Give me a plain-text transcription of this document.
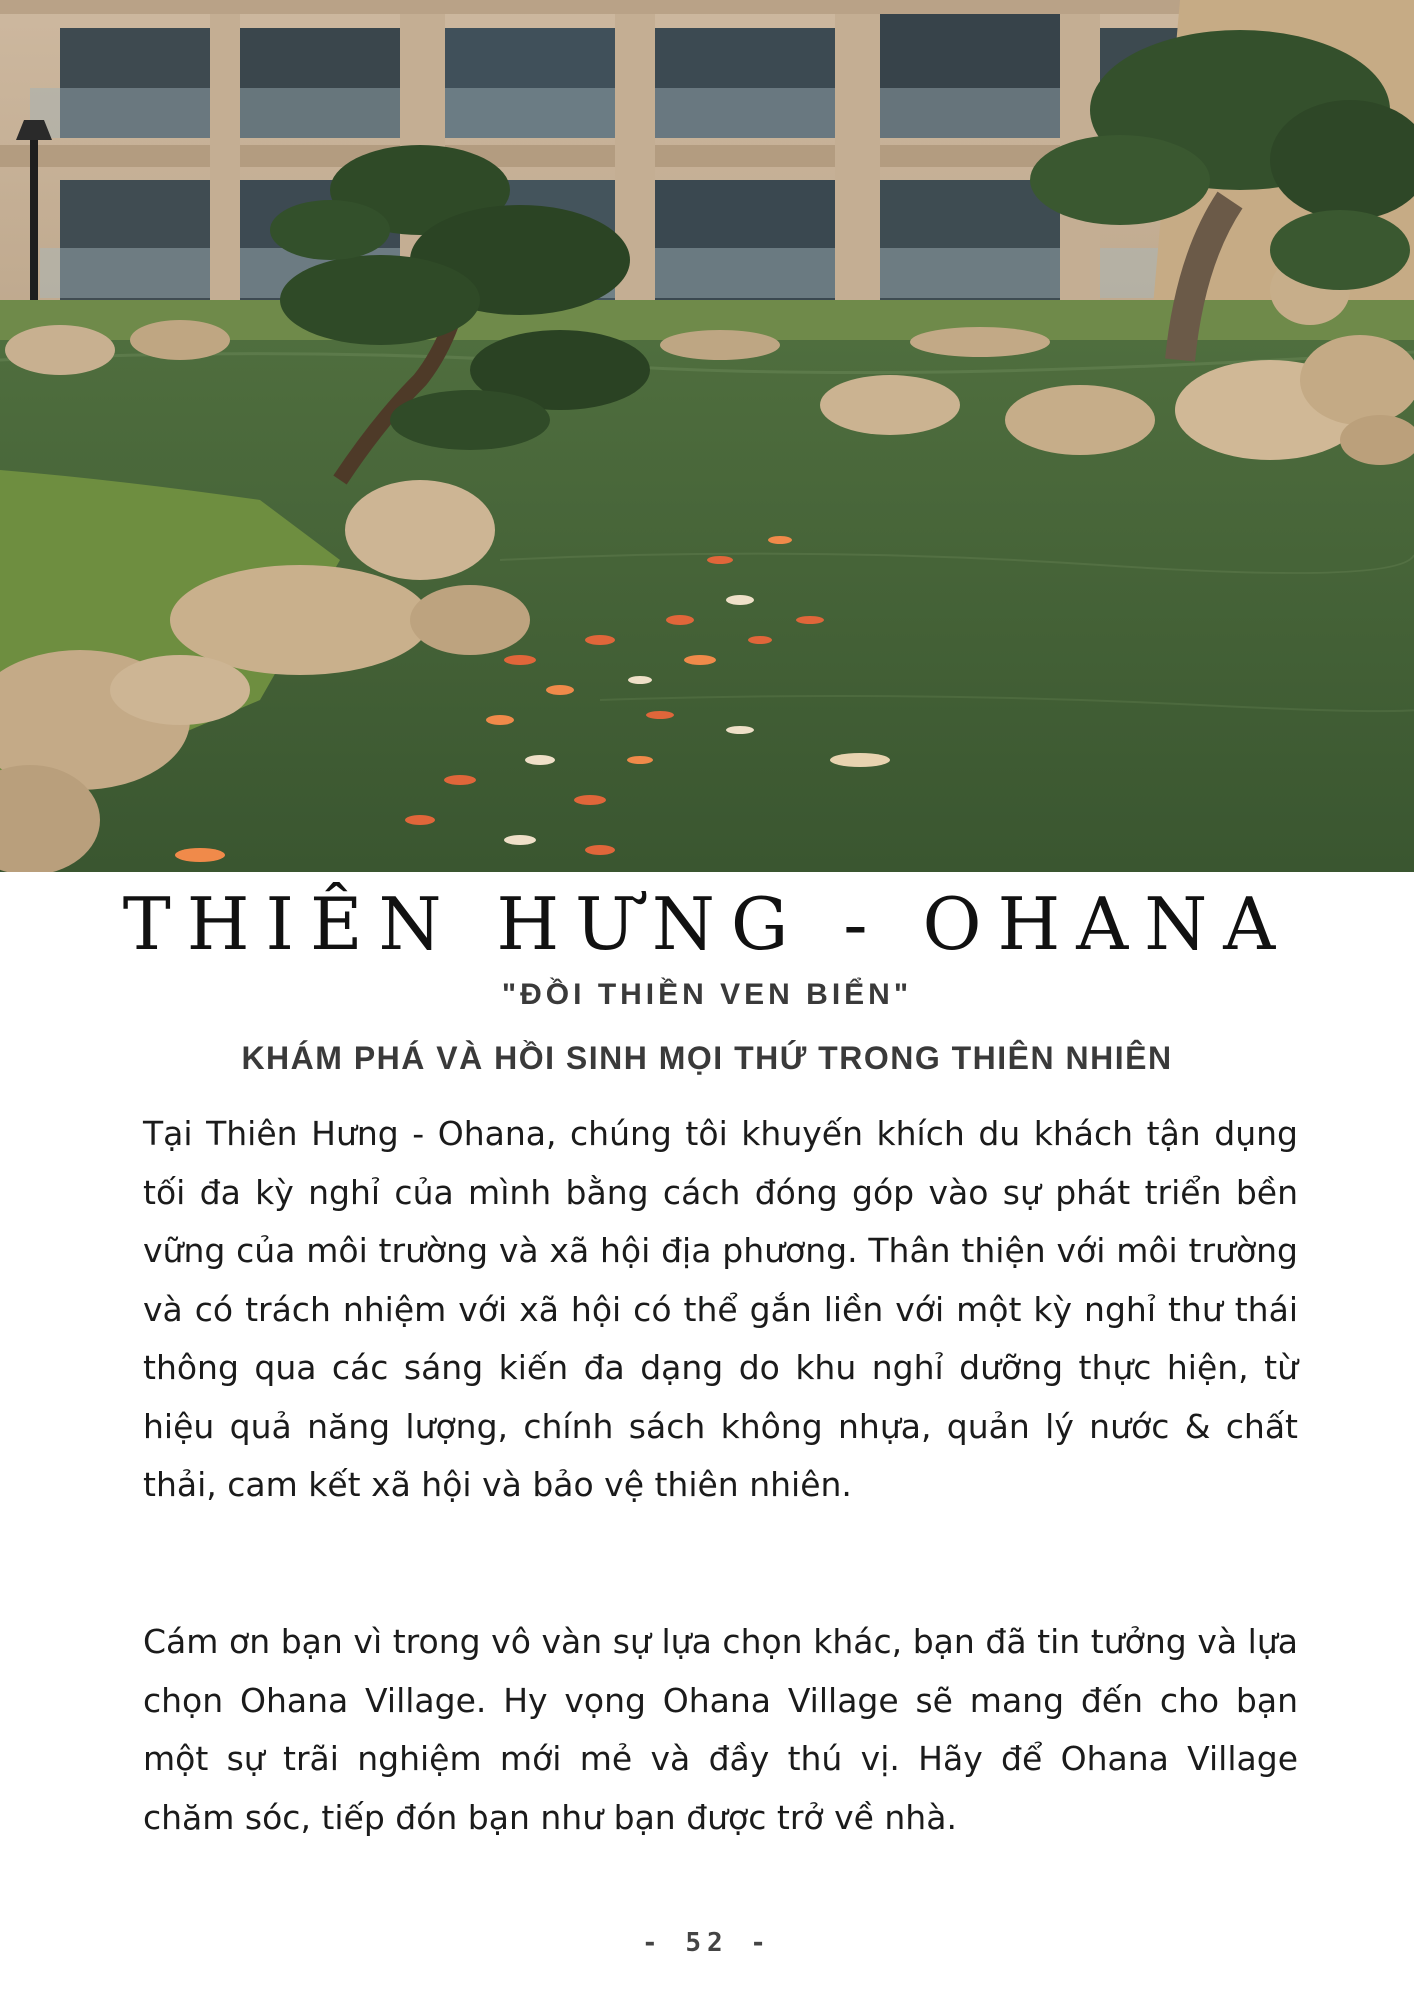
THIÊN HƯNG - OHANA

"ĐỒI THIỀN VEN BIỂN"

KHÁM PHÁ VÀ HỒI SINH MỌI THỨ TRONG THIÊN NHIÊN

Tại Thiên Hưng - Ohana, chúng tôi khuyến khích du khách tận dụng tối đa kỳ nghỉ của mình bằng cách đóng góp vào sự phát triển bền vững của môi trường và xã hội địa phương. Thân thiện với môi trường và có trách nhiệm với xã hội có thể gắn liền với một kỳ nghỉ thư thái thông qua các sáng kiến đa dạng do khu nghỉ dưỡng thực hiện, từ hiệu quả năng lượng, chính sách không nhựa, quản lý nước & chất thải, cam kết xã hội và bảo vệ thiên nhiên.

Cám ơn bạn vì trong vô vàn sự lựa chọn khác, bạn đã tin tưởng và lựa chọn Ohana Village. Hy vọng Ohana Village sẽ mang đến cho bạn một sự trãi nghiệm mới mẻ và đầy thú vị. Hãy để Ohana Village chăm sóc, tiếp đón bạn như bạn được trở về nhà.

- 52 -
